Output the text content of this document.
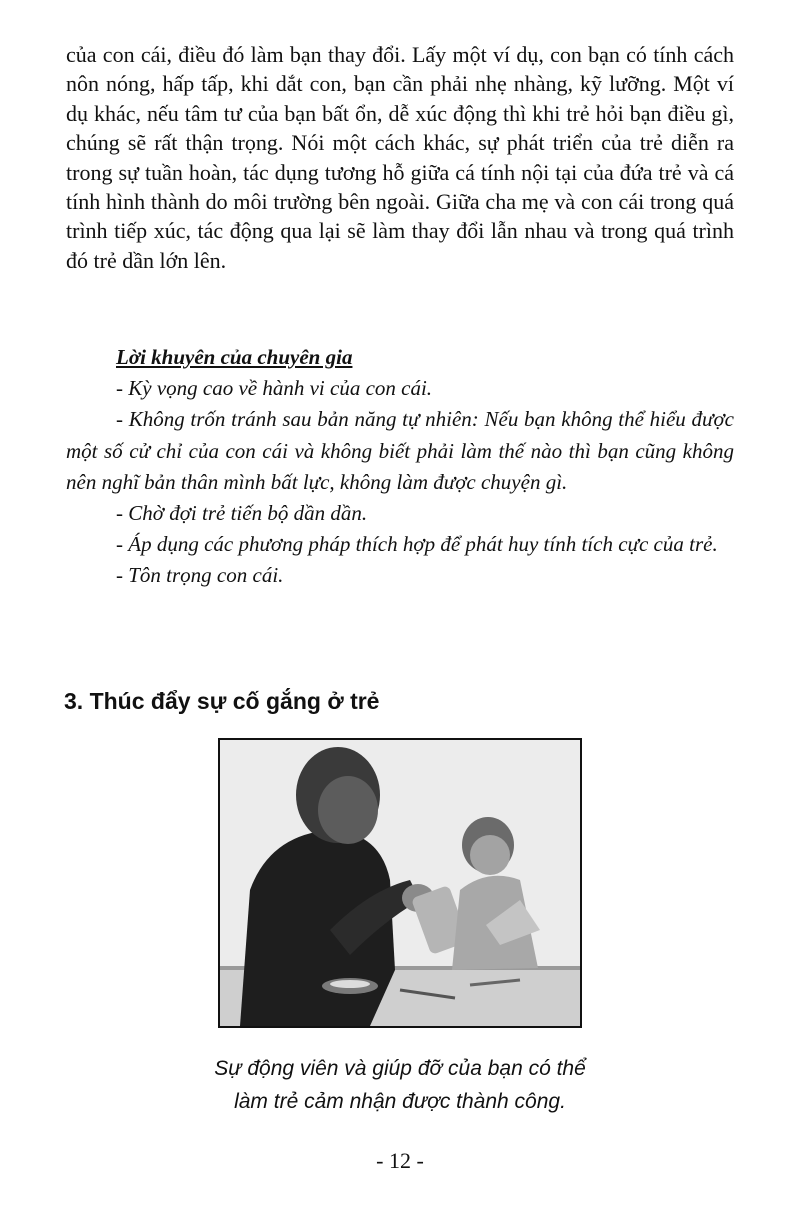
của con cái, điều đó làm bạn thay đổi. Lấy một ví dụ, con bạn có tính cách nôn nóng, hấp tấp, khi dắt con, bạn cần phải nhẹ nhàng, kỹ lưỡng. Một ví dụ khác, nếu tâm tư của bạn bất ổn, dễ xúc động thì khi trẻ hỏi bạn điều gì, chúng sẽ rất thận trọng. Nói một cách khác, sự phát triển của trẻ diễn ra trong sự tuần hoàn, tác dụng tương hỗ giữa cá tính nội tại của đứa trẻ và cá tính hình thành do môi trường bên ngoài. Giữa cha mẹ và con cái trong quá trình tiếp xúc, tác động qua lại sẽ làm thay đổi lẫn nhau và trong quá trình đó trẻ dần lớn lên.

Lời khuyên của chuyên gia

- Kỳ vọng cao về hành vi của con cái.
- Không trốn tránh sau bản năng tự nhiên: Nếu bạn không thể hiểu được một số cử chỉ của con cái và không biết phải làm thế nào thì bạn cũng không nên nghĩ bản thân mình bất lực, không làm được chuyện gì.
- Chờ đợi trẻ tiến bộ dần dần.
- Áp dụng các phương pháp thích hợp để phát huy tính tích cực của trẻ.
- Tôn trọng con cái.
3. Thúc đẩy sự cố gắng ở trẻ

Sự động viên và giúp đỡ của bạn có thể
làm trẻ cảm nhận được thành công.

- 12 -
